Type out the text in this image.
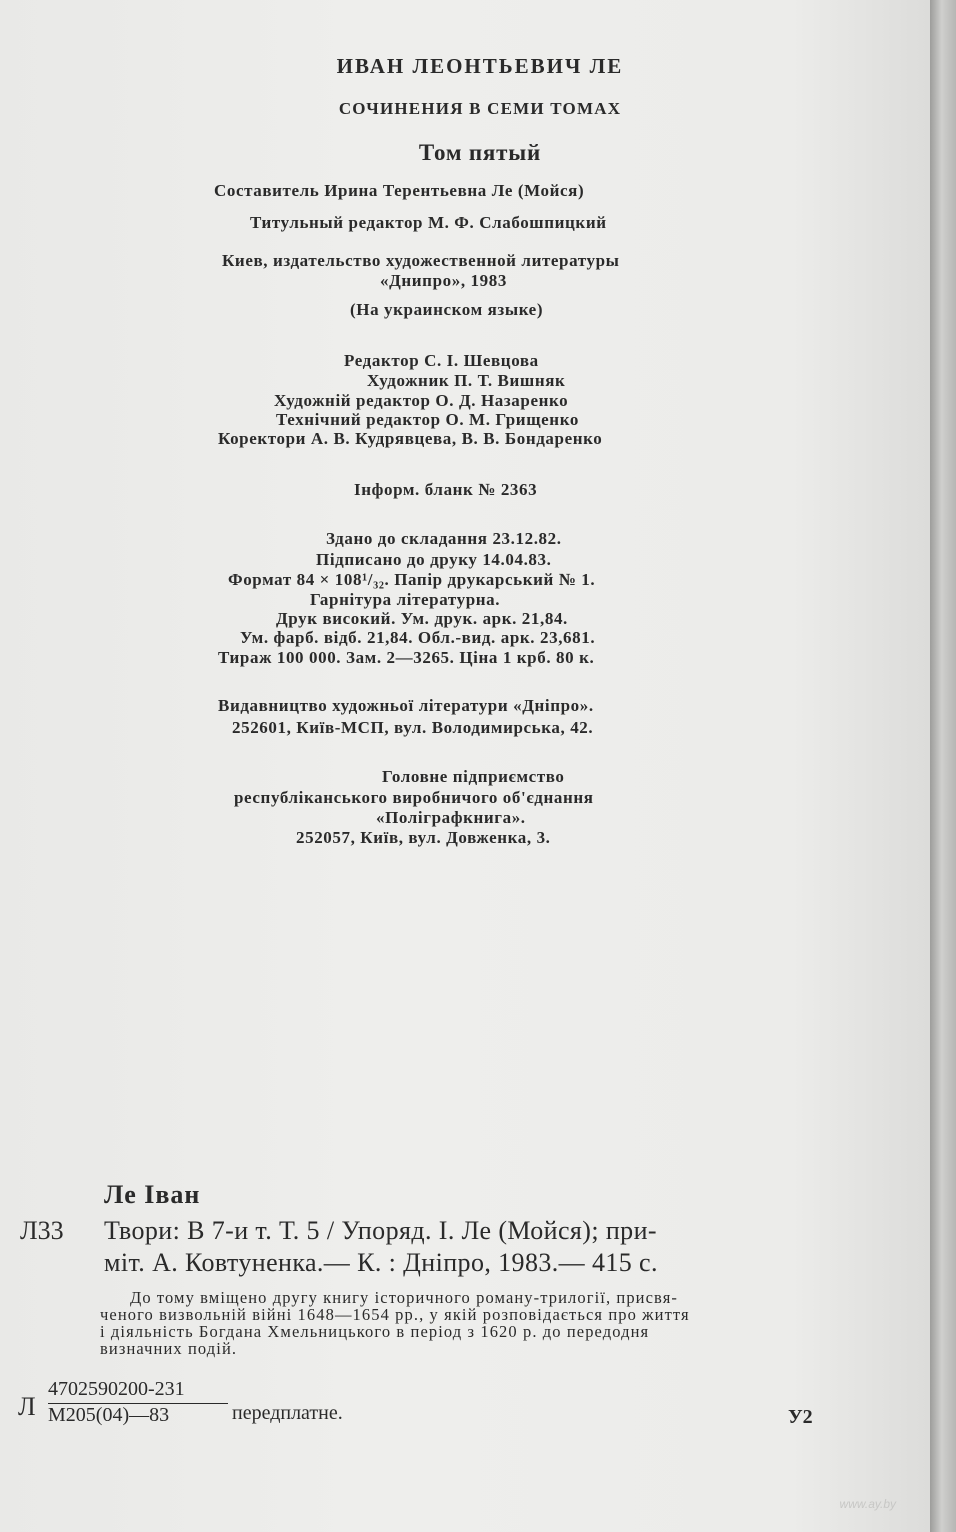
ИВАН ЛЕОНТЬЕВИЧ ЛЕ
СОЧИНЕНИЯ В СЕМИ ТОМАХ
Том пятый
Составитель Ирина Терентьевна Ле (Мойся)
Титульный редактор М. Ф. Слабошпицкий
Киев, издательство художественной литературы
«Днипро», 1983
(На украинском языке)
Редактор С. І. Шевцова
Художник П. Т. Вишняк
Художній редактор О. Д. Назаренко
Технічний редактор О. М. Грищенко
Коректори А. В. Кудрявцева, В. В. Бондаренко
Інформ. бланк № 2363
Здано до складання 23.12.82.
Підписано до друку 14.04.83.
Формат 84 × 108¹/₃₂. Папір друкарський № 1.
Гарнітура літературна.
Друк високий. Ум. друк. арк. 21,84.
Ум. фарб. відб. 21,84. Обл.-вид. арк. 23,681.
Тираж 100 000. Зам. 2—3265. Ціна 1 крб. 80 к.
Видавництво художньої літератури «Дніпро».
252601, Київ-МСП, вул. Володимирська, 42.
Головне підприємство
республіканського виробничого об'єднання
«Поліграфкнига».
252057, Київ, вул. Довженка, 3.
Ле Іван
Л33 Твори: В 7-и т. Т. 5 / Упоряд. І. Ле (Мойся); при-
міт. А. Ковтуненка.— К. : Дніпро, 1983.— 415 с.
До тому вміщено другу книгу історичного роману-трилогії, присвя-
ченого визвольній війні 1648—1654 рр., у якій розповідається про життя
і діяльність Богдана Хмельницького в період з 1620 р. до передодня
визначних подій.
Л
4702590200-231
М205(04)—83	передплатне.	У2
www.ay.by
